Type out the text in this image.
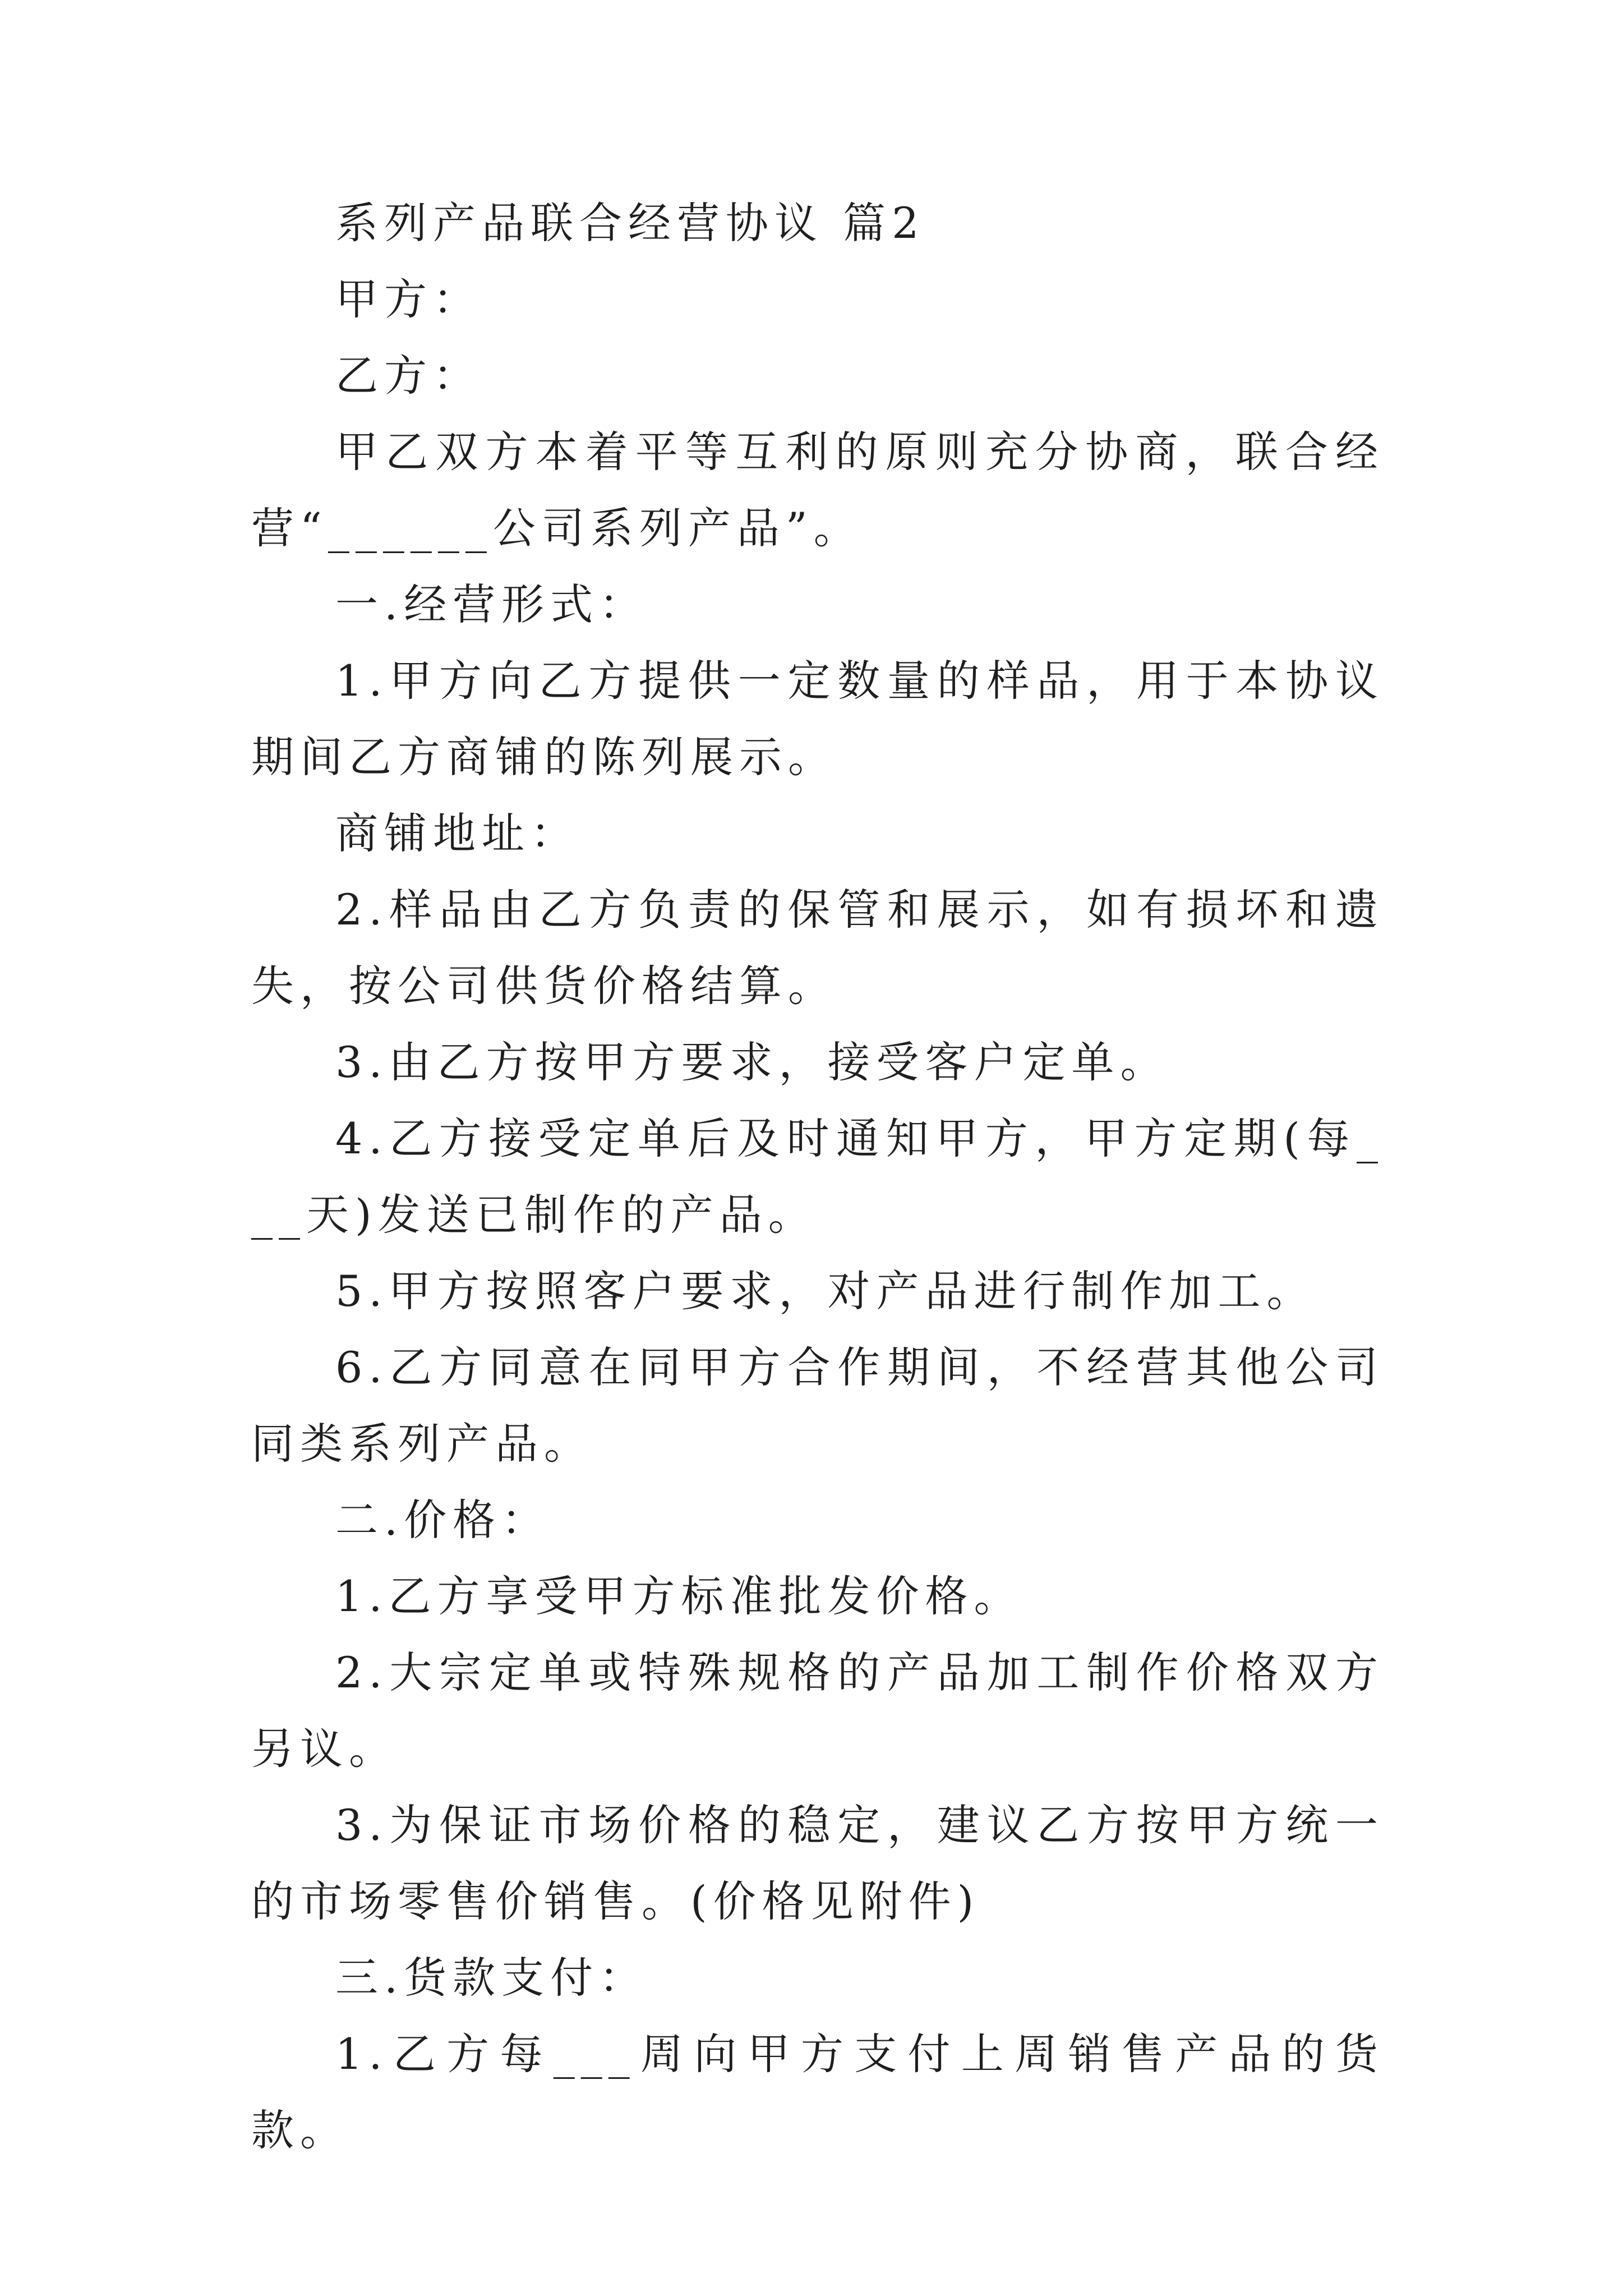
系列产品联合经营协议 篇2

甲方：

乙方：

甲乙双方本着平等互利的原则充分协商，联合经营“______公司系列产品”。

一.经营形式：

1.甲方向乙方提供一定数量的样品，用于本协议期间乙方商铺的陈列展示。

商铺地址：

2.样品由乙方负责的保管和展示，如有损坏和遗失，按公司供货价格结算。

3.由乙方按甲方要求，接受客户定单。

4.乙方接受定单后及时通知甲方，甲方定期(每___天)发送已制作的产品。

5.甲方按照客户要求，对产品进行制作加工。

6.乙方同意在同甲方合作期间，不经营其他公司同类系列产品。

二.价格：

1.乙方享受甲方标准批发价格。

2.大宗定单或特殊规格的产品加工制作价格双方另议。

3.为保证市场价格的稳定，建议乙方按甲方统一的市场零售价销售。(价格见附件)

三.货款支付：

1.乙方每___周向甲方支付上周销售产品的货款。
